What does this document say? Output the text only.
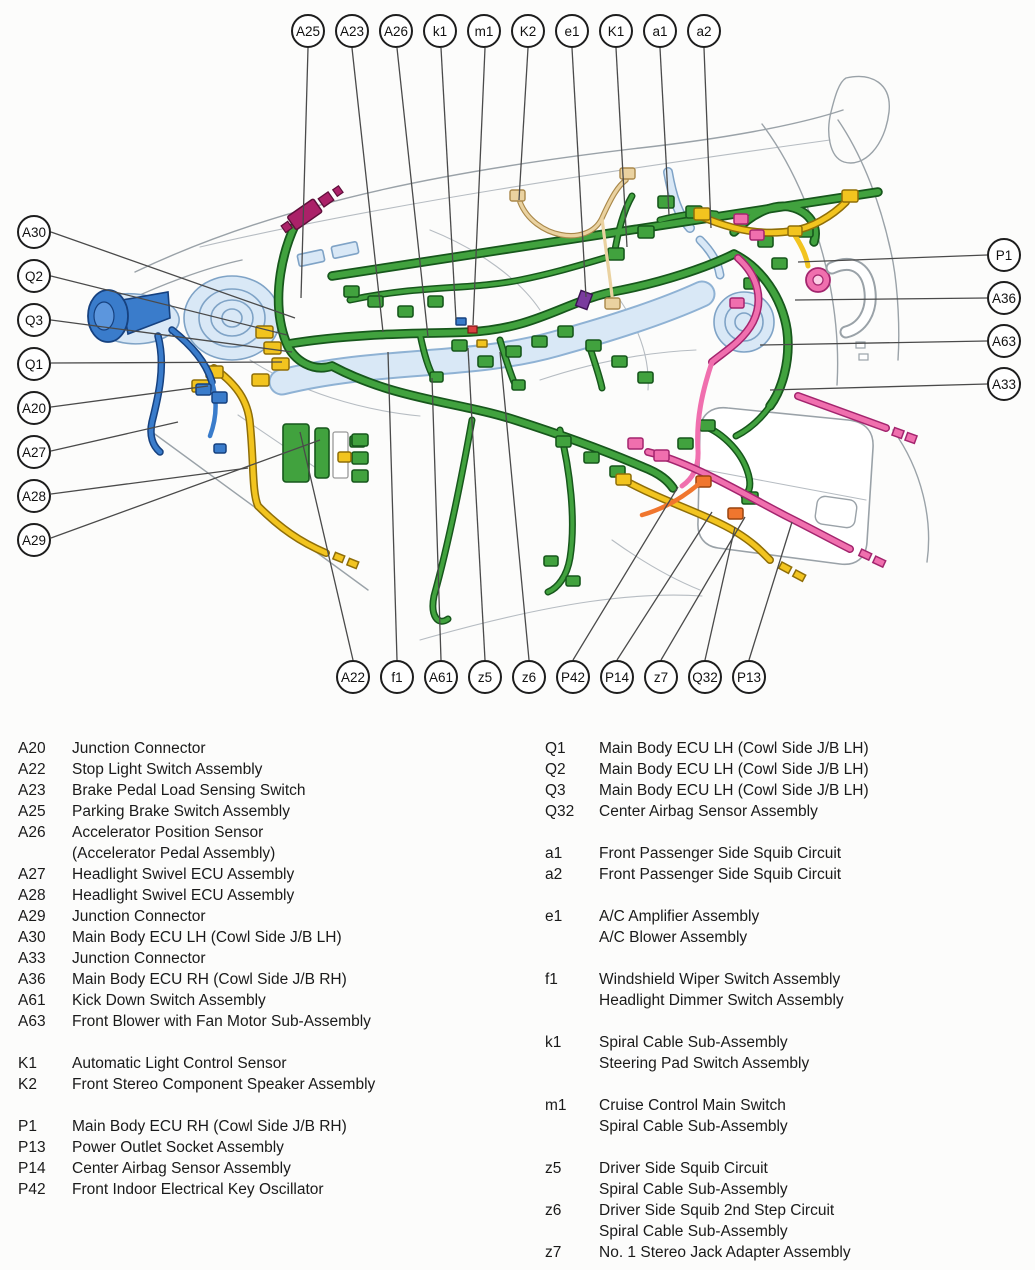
A25 A23 A26 k1 m1 K2 e1 K1 a1 a2
A30
Q2
Q3
Q1
A20
A27
A28
A29
P1
A36
A63
A33
A22 f1 A61 z5 z6 P42 P14 z7 Q32 P13
A20	Junction Connector
A22	Stop Light Switch Assembly
A23	Brake Pedal Load Sensing Switch
A25	Parking Brake Switch Assembly
A26	Accelerator Position Sensor
(Accelerator Pedal Assembly)
A27	Headlight Swivel ECU Assembly
A28	Headlight Swivel ECU Assembly
A29	Junction Connector
A30	Main Body ECU LH (Cowl Side J/B LH)
A33	Junction Connector
A36	Main Body ECU RH (Cowl Side J/B RH)
A61	Kick Down Switch Assembly
A63	Front Blower with Fan Motor Sub-Assembly
K1	Automatic Light Control Sensor
K2	Front Stereo Component Speaker Assembly
P1	Main Body ECU RH (Cowl Side J/B RH)
P13	Power Outlet Socket Assembly
P14	Center Airbag Sensor Assembly
P42	Front Indoor Electrical Key Oscillator
Q1	Main Body ECU LH (Cowl Side J/B LH)
Q2	Main Body ECU LH (Cowl Side J/B LH)
Q3	Main Body ECU LH (Cowl Side J/B LH)
Q32	Center Airbag Sensor Assembly
a1	Front Passenger Side Squib Circuit
a2	Front Passenger Side Squib Circuit
e1	A/C Amplifier Assembly
A/C Blower Assembly
f1	Windshield Wiper Switch Assembly
Headlight Dimmer Switch Assembly
k1	Spiral Cable Sub-Assembly
Steering Pad Switch Assembly
m1	Cruise Control Main Switch
Spiral Cable Sub-Assembly
z5	Driver Side Squib Circuit
Spiral Cable Sub-Assembly
z6	Driver Side Squib 2nd Step Circuit
Spiral Cable Sub-Assembly
z7	No. 1 Stereo Jack Adapter Assembly
